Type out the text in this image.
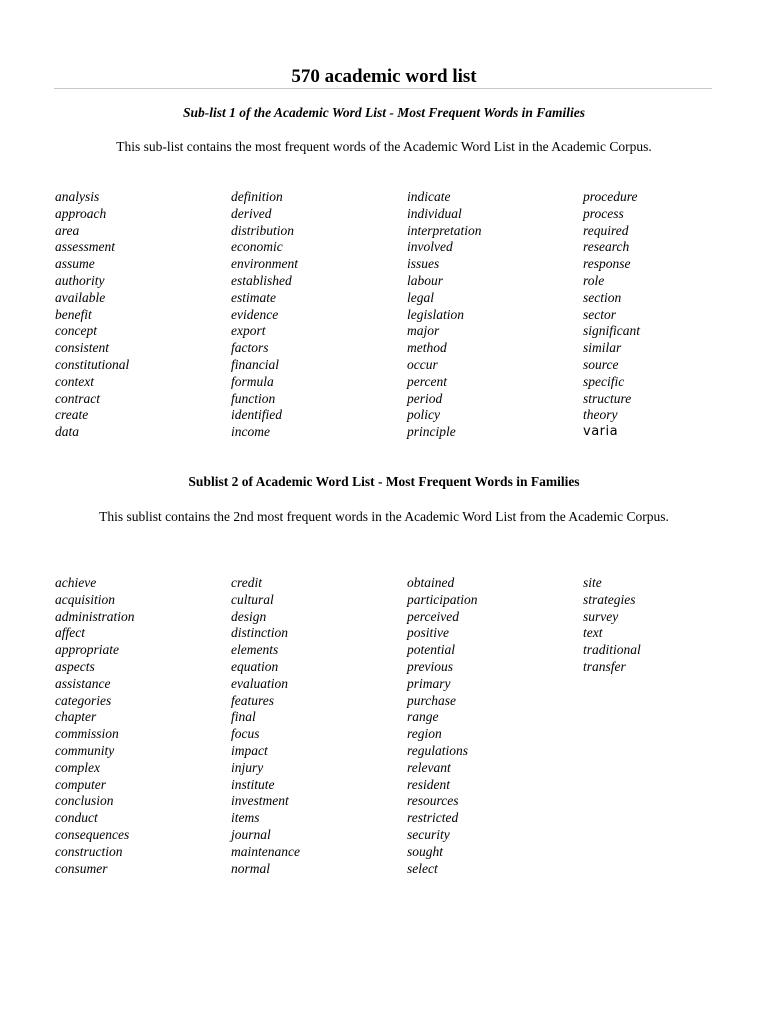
570 academic word list
Sub-list 1 of the Academic Word List - Most Frequent Words in Families
This sub-list contains the most frequent words of the Academic Word List in the Academic Corpus.
analysis
approach
area
assessment
assume
authority
available
benefit
concept
consistent
constitutional
context
contract
create
data
definition
derived
distribution
economic
environment
established
estimate
evidence
export
factors
financial
formula
function
identified
income
indicate
individual
interpretation
involved
issues
labour
legal
legislation
major
method
occur
percent
period
policy
principle
procedure
process
required
research
response
role
section
sector
significant
similar
source
specific
structure
theory
varia
Sublist 2 of Academic Word List - Most Frequent Words in Families
This sublist contains the 2nd most frequent words in the Academic Word List from the Academic Corpus.
achieve
acquisition
administration
affect
appropriate
aspects
assistance
categories
chapter
commission
community
complex
computer
conclusion
conduct
consequences
construction
consumer
credit
cultural
design
distinction
elements
equation
evaluation
features
final
focus
impact
injury
institute
investment
items
journal
maintenance
normal
obtained
participation
perceived
positive
potential
previous
primary
purchase
range
region
regulations
relevant
resident
resources
restricted
security
sought
select
site
strategies
survey
text
traditional
transfer
